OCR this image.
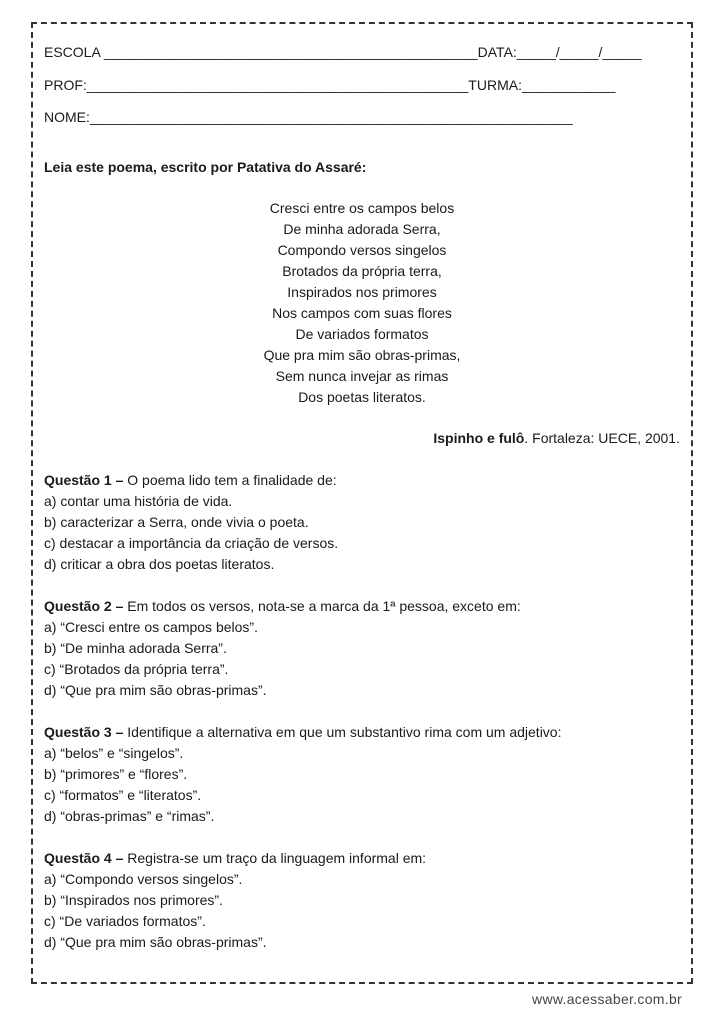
ESCOLA ________________________________________________DATA:_____/_____/_____
PROF:_________________________________________________TURMA:____________
NOME:______________________________________________________________
Leia este poema, escrito por Patativa do Assaré:
Cresci entre os campos belos
De minha adorada Serra,
Compondo versos singelos
Brotados da própria terra,
Inspirados nos primores
Nos campos com suas flores
De variados formatos
Que pra mim são obras-primas,
Sem nunca invejar as rimas
Dos poetas literatos.
Ispinho e fulô. Fortaleza: UECE, 2001.
Questão 1 – O poema lido tem a finalidade de:
a) contar uma história de vida.
b) caracterizar a Serra, onde vivia o poeta.
c) destacar a importância da criação de versos.
d) criticar a obra dos poetas literatos.
Questão 2 – Em todos os versos, nota-se a marca da 1ª pessoa, exceto em:
a) “Cresci entre os campos belos”.
b) “De minha adorada Serra”.
c) “Brotados da própria terra”.
d) “Que pra mim são obras-primas”.
Questão 3 – Identifique a alternativa em que um substantivo rima com um adjetivo:
a) “belos” e “singelos”.
b) “primores” e “flores”.
c) “formatos” e “literatos”.
d) “obras-primas” e “rimas”.
Questão 4 – Registra-se um traço da linguagem informal em:
a) “Compondo versos singelos”.
b) “Inspirados nos primores”.
c) “De variados formatos”.
d) “Que pra mim são obras-primas”.
www.acessaber.com.br
